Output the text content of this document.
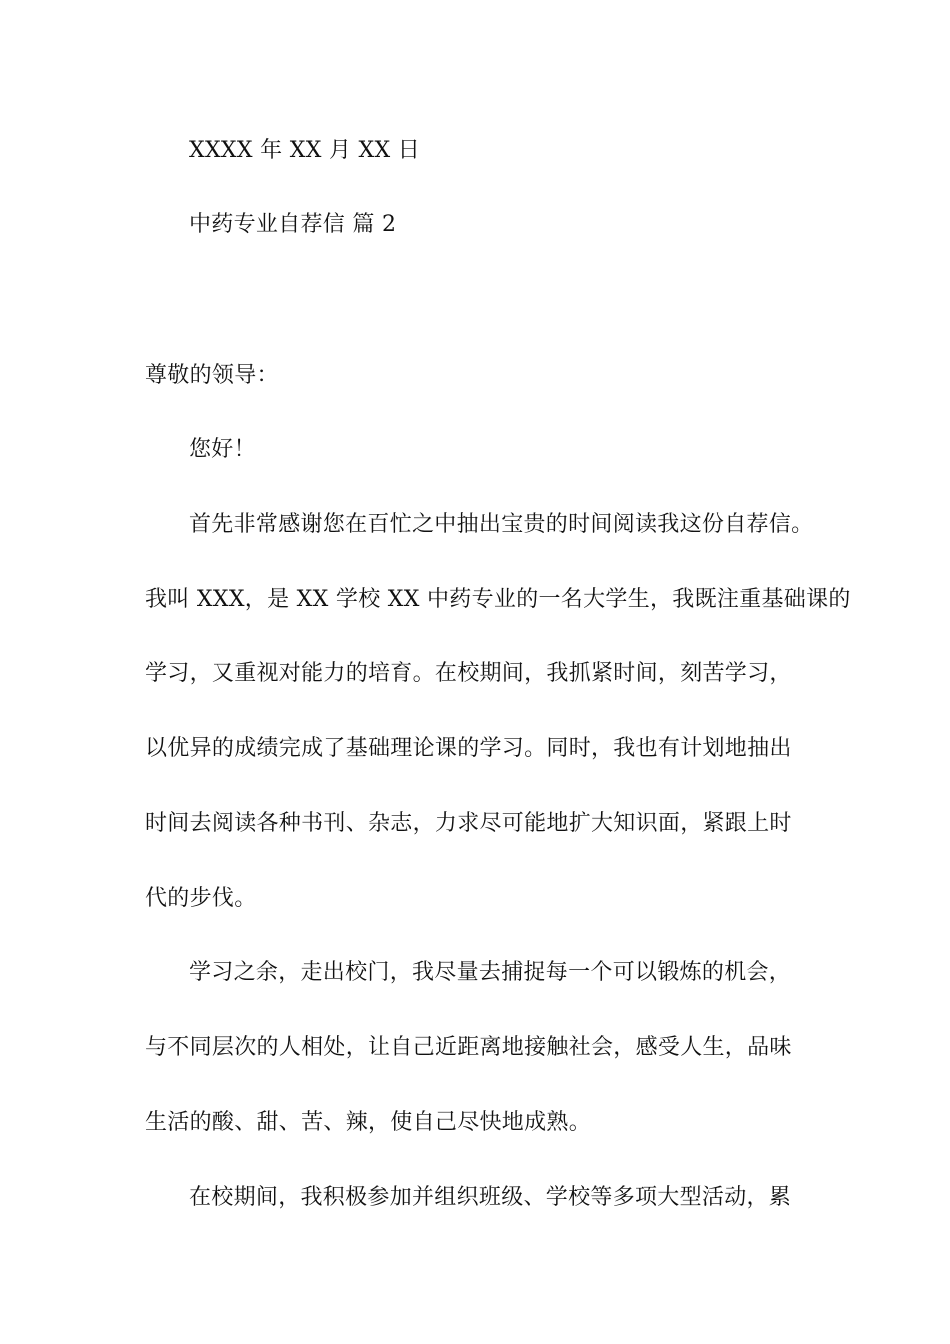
XXXX 年 XX 月 XX 日
中药专业自荐信 篇 2
尊敬的领导：
您好！
首先非常感谢您在百忙之中抽出宝贵的时间阅读我这份自荐信。
我叫 XXX，是 XX 学校 XX 中药专业的一名大学生，我既注重基础课的
学习，又重视对能力的培育。在校期间，我抓紧时间，刻苦学习，
以优异的成绩完成了基础理论课的学习。同时，我也有计划地抽出
时间去阅读各种书刊、杂志，力求尽可能地扩大知识面，紧跟上时
代的步伐。
学习之余，走出校门，我尽量去捕捉每一个可以锻炼的机会，
与不同层次的人相处，让自己近距离地接触社会，感受人生，品味
生活的酸、甜、苦、辣，使自己尽快地成熟。
在校期间，我积极参加并组织班级、学校等多项大型活动，累
